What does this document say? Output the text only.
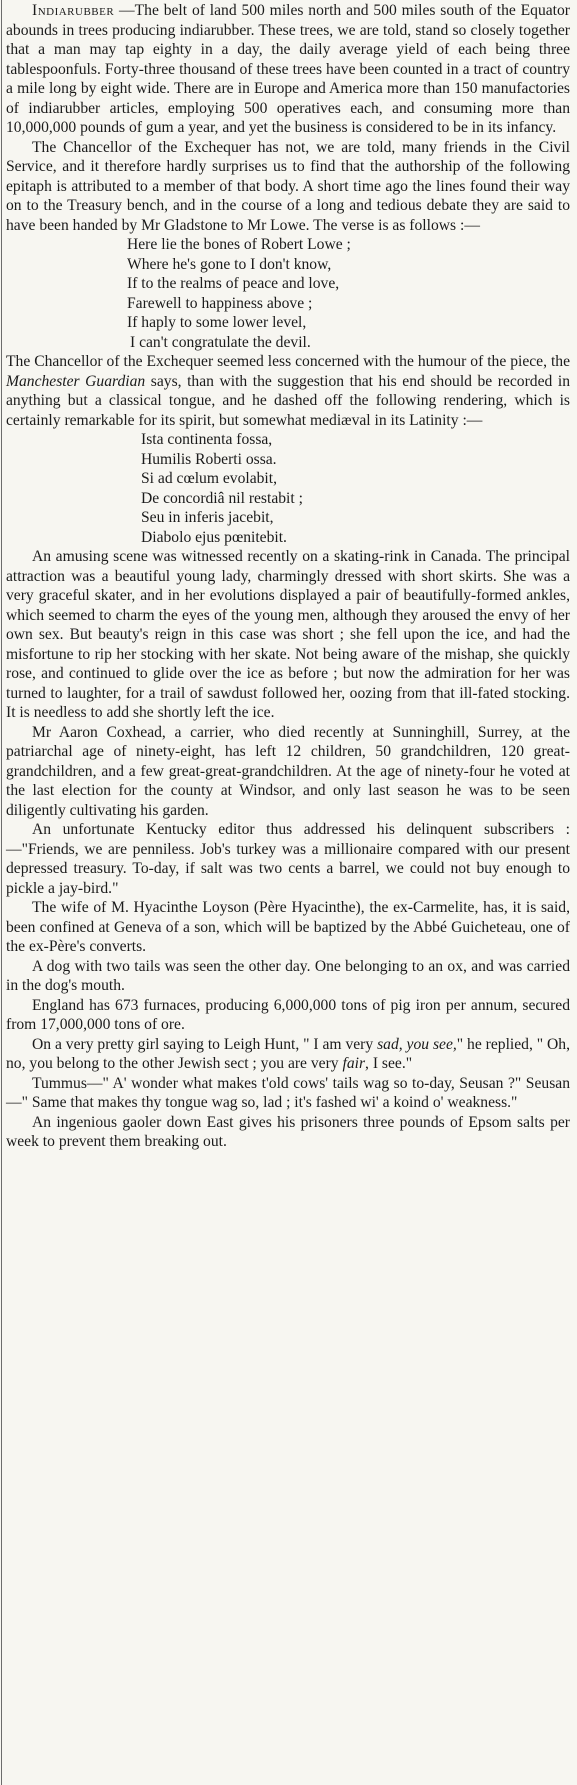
Indiarubber —The belt of land 500 miles north and 500 miles south of the Equator abounds in trees producing indiarubber. These trees, we are told, stand so closely together that a man may tap eighty in a day, the daily average yield of each being three tablespoonfuls. Forty-three thousand of these trees have been counted in a tract of country a mile long by eight wide. There are in Europe and America more than 150 manufactories of indiarubber articles, employing 500 operatives each, and consuming more than 10,000,000 pounds of gum a year, and yet the business is considered to be in its infancy.

The Chancellor of the Exchequer has not, we are told, many friends in the Civil Service, and it therefore hardly surprises us to find that the authorship of the following epitaph is attributed to a member of that body. A short time ago the lines found their way on to the Treasury bench, and in the course of a long and tedious debate they are said to have been handed by Mr Gladstone to Mr Lowe. The verse is as follows :—

Here lie the bones of Robert Lowe ;
Where he's gone to I don't know,
If to the realms of peace and love,
Farewell to happiness above ;
If haply to some lower level,
I can't congratulate the devil.

The Chancellor of the Exchequer seemed less concerned with the humour of the piece, the Manchester Guardian says, than with the suggestion that his end should be recorded in anything but a classical tongue, and he dashed off the following rendering, which is certainly remarkable for its spirit, but somewhat mediæval in its Latinity :—

Ista continenta fossa,
Humilis Roberti ossa.
Si ad cœlum evolabit,
De concordiâ nil restabit ;
Seu in inferis jacebit,
Diabolo ejus pœnitebit.

An amusing scene was witnessed recently on a skating-rink in Canada. The principal attraction was a beautiful young lady, charmingly dressed with short skirts. She was a very graceful skater, and in her evolutions displayed a pair of beautifully-formed ankles, which seemed to charm the eyes of the young men, although they aroused the envy of her own sex. But beauty's reign in this case was short ; she fell upon the ice, and had the misfortune to rip her stocking with her skate. Not being aware of the mishap, she quickly rose, and continued to glide over the ice as before ; but now the admiration for her was turned to laughter, for a trail of sawdust followed her, oozing from that ill-fated stocking. It is needless to add she shortly left the ice.

Mr Aaron Coxhead, a carrier, who died recently at Sunninghill, Surrey, at the patriarchal age of ninety-eight, has left 12 children, 50 grandchildren, 120 great-grandchildren, and a few great-great-grandchildren. At the age of ninety-four he voted at the last election for the county at Windsor, and only last season he was to be seen diligently cultivating his garden.

An unfortunate Kentucky editor thus addressed his delinquent subscribers :—"Friends, we are penniless. Job's turkey was a millionaire compared with our present depressed treasury. To-day, if salt was two cents a barrel, we could not buy enough to pickle a jay-bird."

The wife of M. Hyacinthe Loyson (Père Hyacinthe), the ex-Carmelite, has, it is said, been confined at Geneva of a son, which will be baptized by the Abbé Guicheteau, one of the ex-Père's converts.

A dog with two tails was seen the other day. One belonging to an ox, and was carried in the dog's mouth.

England has 673 furnaces, producing 6,000,000 tons of pig iron per annum, secured from 17,000,000 tons of ore.

On a very pretty girl saying to Leigh Hunt, " I am very sad, you see," he replied, " Oh, no, you belong to the other Jewish sect ; you are very fair, I see."

Tummus—" A' wonder what makes t'old cows' tails wag so to-day, Seusan ?" Seusan—" Same that makes thy tongue wag so, lad ; it's fashed wi' a koind o' weakness."

An ingenious gaoler down East gives his prisoners three pounds of Epsom salts per week to prevent them breaking out.
